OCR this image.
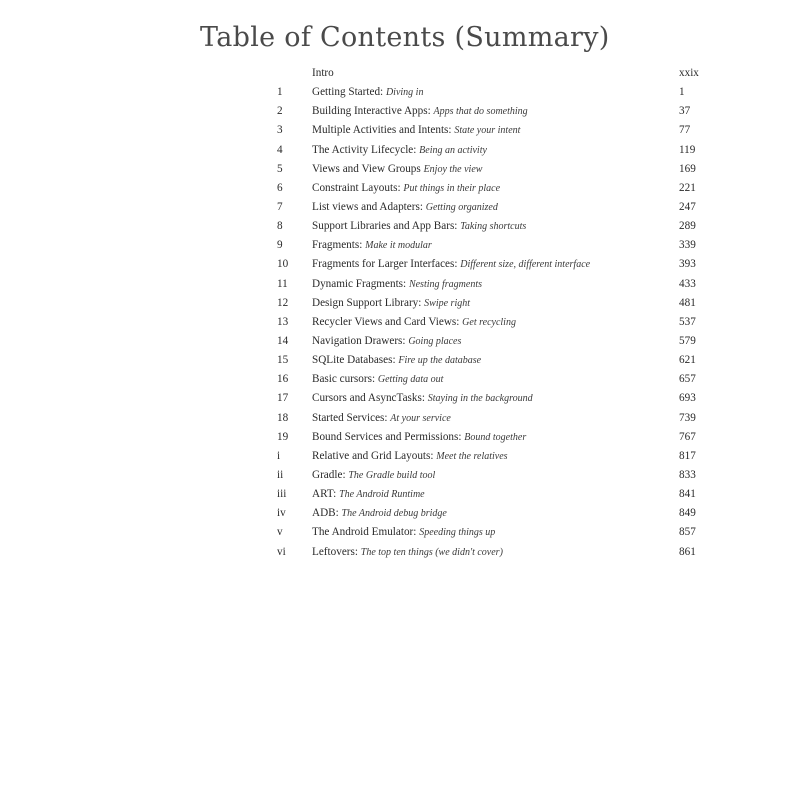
Table of Contents (Summary)
Intro	xxix
1	Getting Started: Diving in	1
2	Building Interactive Apps: Apps that do something	37
3	Multiple Activities and Intents: State your intent	77
4	The Activity Lifecycle: Being an activity	119
5	Views and View Groups Enjoy the view	169
6	Constraint Layouts: Put things in their place	221
7	List views and Adapters: Getting organized	247
8	Support Libraries and App Bars: Taking shortcuts	289
9	Fragments: Make it modular	339
10	Fragments for Larger Interfaces: Different size, different interface	393
11	Dynamic Fragments: Nesting fragments	433
12	Design Support Library: Swipe right	481
13	Recycler Views and Card Views: Get recycling	537
14	Navigation Drawers: Going places	579
15	SQLite Databases: Fire up the database	621
16	Basic cursors: Getting data out	657
17	Cursors and AsyncTasks: Staying in the background	693
18	Started Services: At your service	739
19	Bound Services and Permissions: Bound together	767
i	Relative and Grid Layouts: Meet the relatives	817
ii	Gradle: The Gradle build tool	833
iii	ART: The Android Runtime	841
iv	ADB: The Android debug bridge	849
v	The Android Emulator: Speeding things up	857
vi	Leftovers: The top ten things (we didn't cover)	861
